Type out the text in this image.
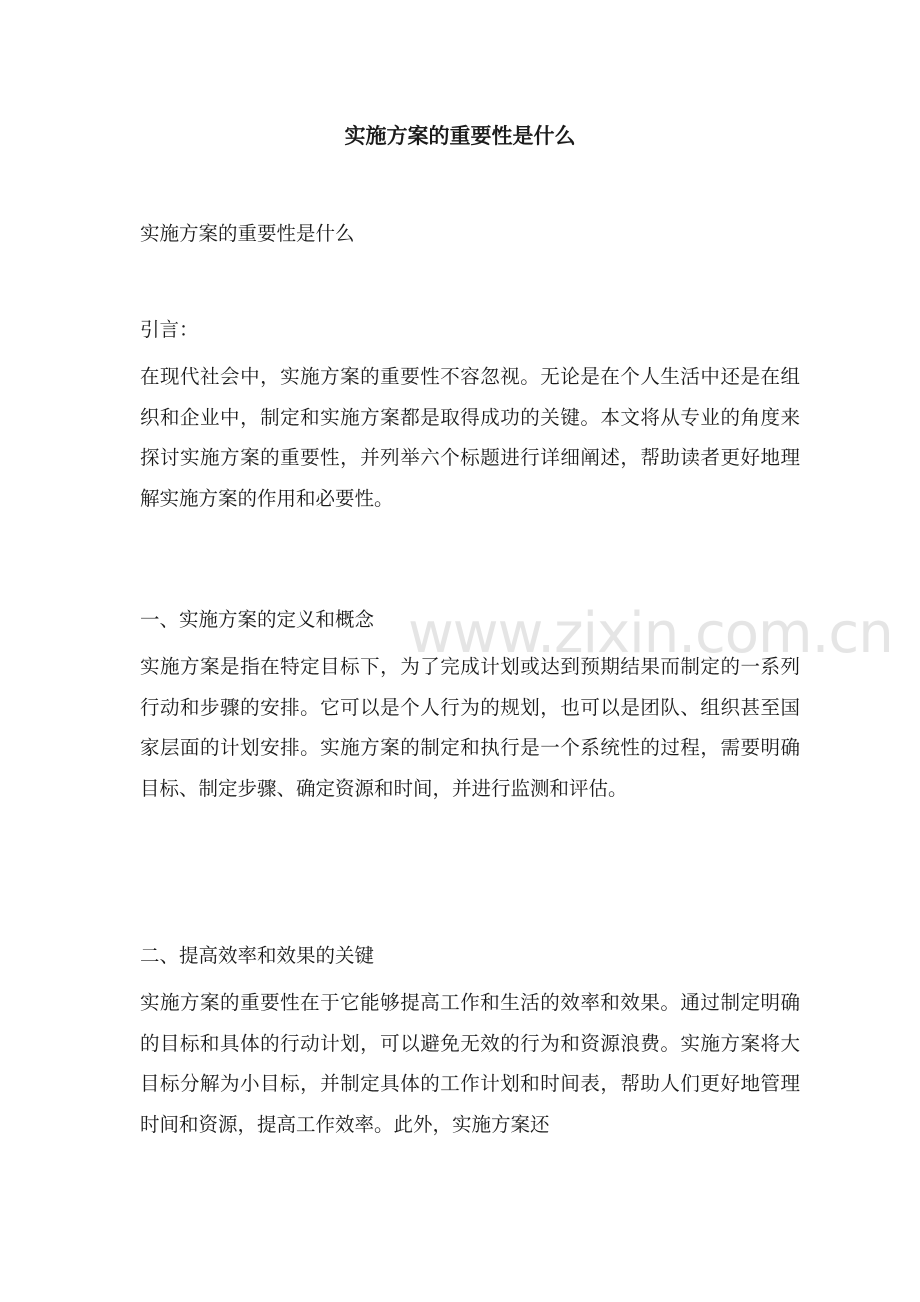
实施方案的重要性是什么

实施方案的重要性是什么

引言：

在现代社会中，实施方案的重要性不容忽视。无论是在个人生活中还是在组织和企业中，制定和实施方案都是取得成功的关键。本文将从专业的角度来探讨实施方案的重要性，并列举六个标题进行详细阐述，帮助读者更好地理解实施方案的作用和必要性。

一、实施方案的定义和概念

实施方案是指在特定目标下，为了完成计划或达到预期结果而制定的一系列行动和步骤的安排。它可以是个人行为的规划，也可以是团队、组织甚至国家层面的计划安排。实施方案的制定和执行是一个系统性的过程，需要明确目标、制定步骤、确定资源和时间，并进行监测和评估。

二、提高效率和效果的关键

实施方案的重要性在于它能够提高工作和生活的效率和效果。通过制定明确的目标和具体的行动计划，可以避免无效的行为和资源浪费。实施方案将大目标分解为小目标，并制定具体的工作计划和时间表，帮助人们更好地管理时间和资源，提高工作效率。此外，实施方案还

www.zixin.com.cn
